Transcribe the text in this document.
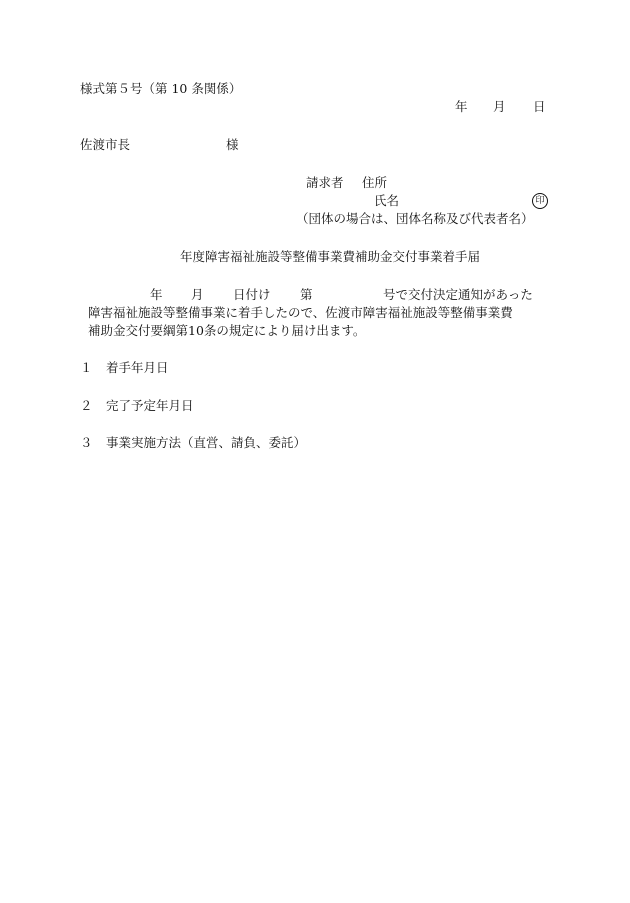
様式第５号（第 10 条関係）
年 月 日
佐渡市長	様
請求者 住所
氏名	印
（団体の場合は、団体名称及び代表者名）
年度障害福祉施設等整備事業費補助金交付事業着手届
年 月 日付け 第	号で交付決定通知があった
障害福祉施設等整備事業に着手したので、佐渡市障害福祉施設等整備事業費
補助金交付要綱第10条の規定により届け出ます。
１ 着手年月日
２ 完了予定年月日
３ 事業実施方法（直営、請負、委託）
